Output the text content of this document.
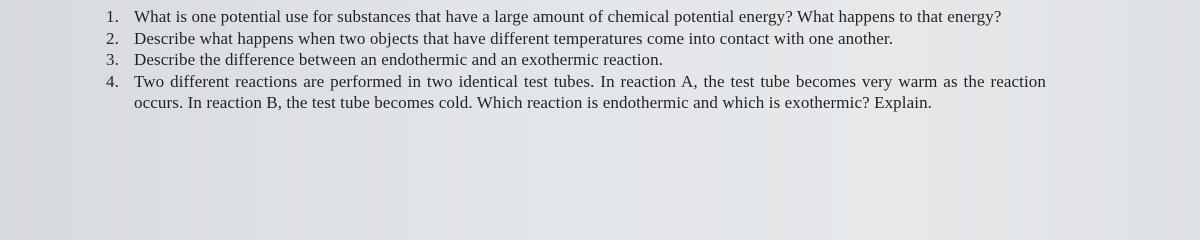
1. What is one potential use for substances that have a large amount of chemical potential energy? What happens to that energy?
2. Describe what happens when two objects that have different temperatures come into contact with one another.
3. Describe the difference between an endothermic and an exothermic reaction.
4. Two different reactions are performed in two identical test tubes. In reaction A, the test tube becomes very warm as the reaction occurs. In reaction B, the test tube becomes cold. Which reaction is endothermic and which is exothermic? Explain.
